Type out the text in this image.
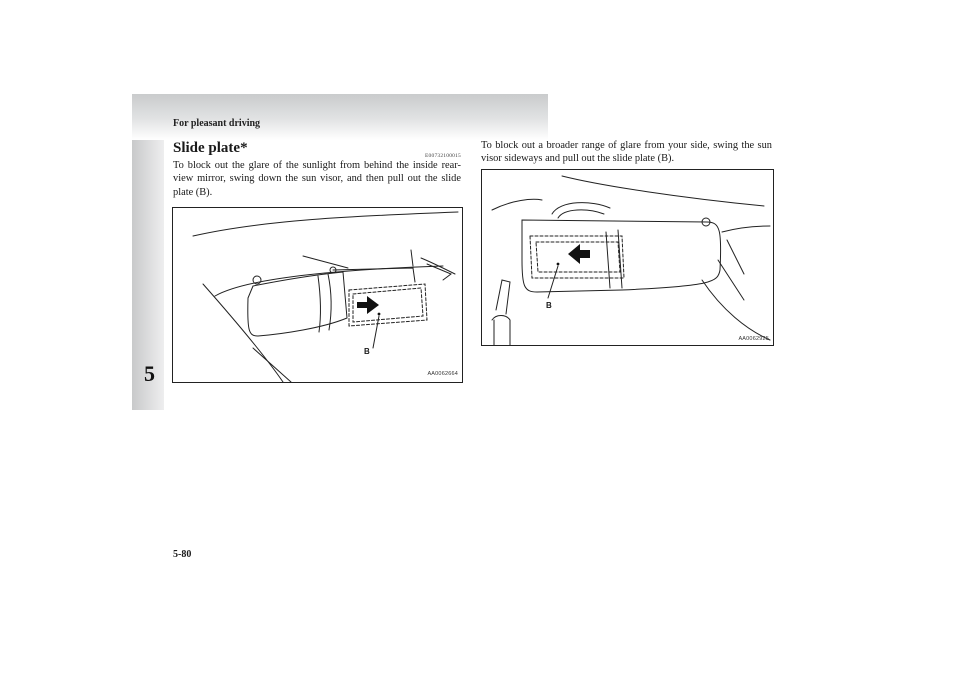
For pleasant driving
5
Slide plate*	E00732100015
To block out the glare of the sunlight from behind the inside rear-view mirror, swing down the sun visor, and then pull out the slide plate (B).
B
AA0062664
To block out a broader range of glare from your side, swing the sun visor sideways and pull out the slide plate (B).
B
AA0062925
5-80
